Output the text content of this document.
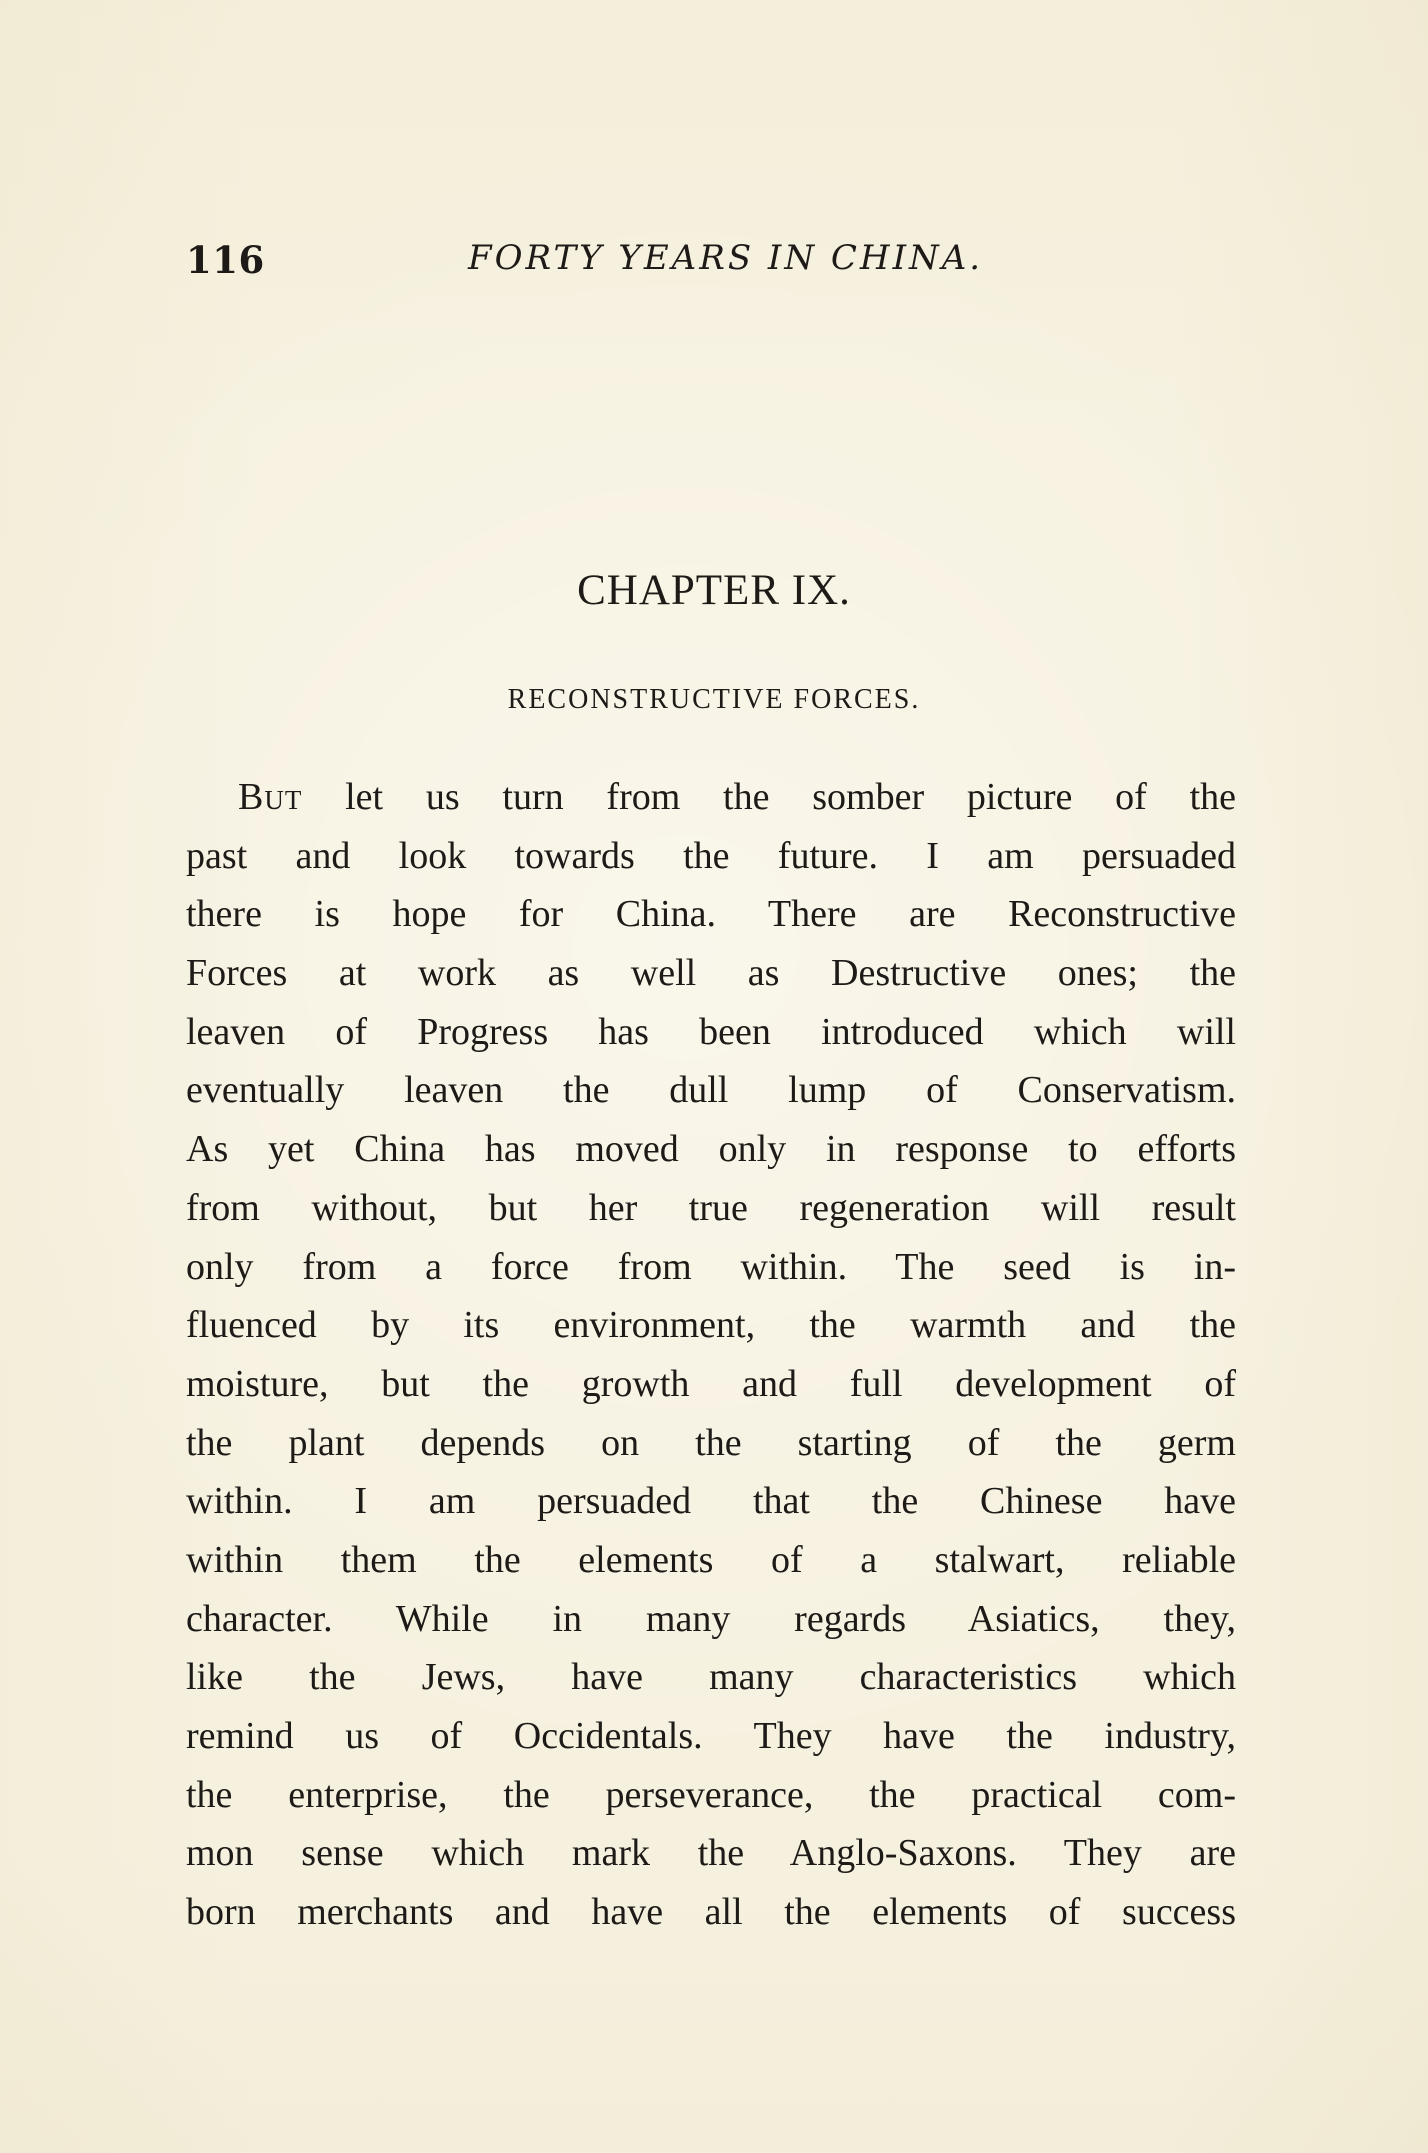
116	FORTY YEARS IN CHINA.
CHAPTER IX.
RECONSTRUCTIVE FORCES.
But let us turn from the somber picture of the
past and look towards the future. I am persuaded
there is hope for China. There are Reconstructive
Forces at work as well as Destructive ones; the
leaven of Progress has been introduced which will
eventually leaven the dull lump of Conservatism.
As yet China has moved only in response to efforts
from without, but her true regeneration will result
only from a force from within. The seed is in-
fluenced by its environment, the warmth and the
moisture, but the growth and full development of
the plant depends on the starting of the germ
within. I am persuaded that the Chinese have
within them the elements of a stalwart, reliable
character. While in many regards Asiatics, they,
like the Jews, have many characteristics which
remind us of Occidentals. They have the industry,
the enterprise, the perseverance, the practical com-
mon sense which mark the Anglo-Saxons. They are
born merchants and have all the elements of success
